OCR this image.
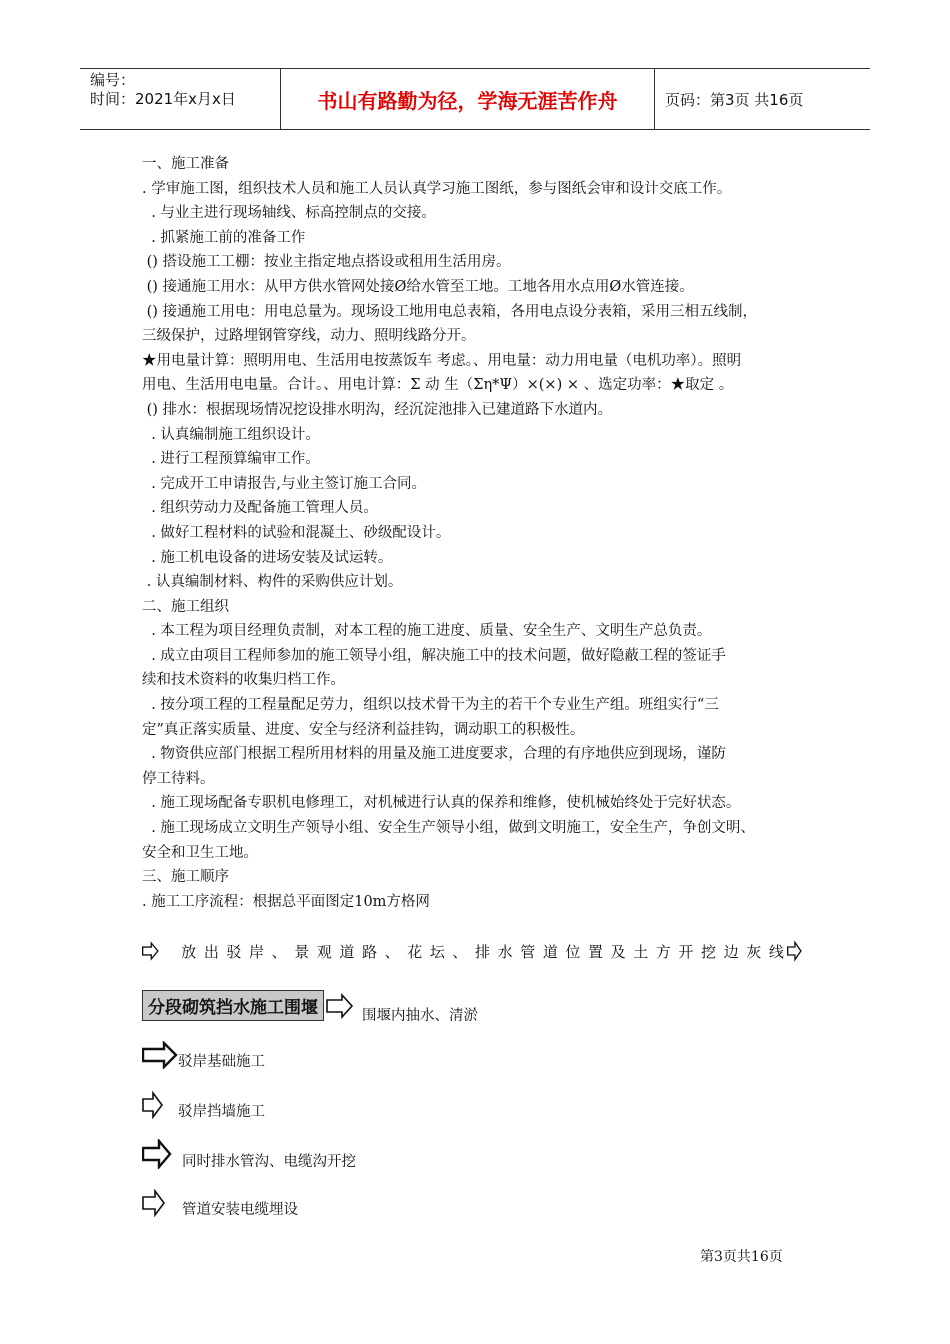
编号：
时间：2021年x月x日	书山有路勤为径，学海无涯苦作舟	页码：第3页 共16页
一、施工准备
. 学审施工图，组织技术人员和施工人员认真学习施工图纸，参与图纸会审和设计交底工作。
. 与业主进行现场轴线、标高控制点的交接。
. 抓紧施工前的准备工作
() 搭设施工工棚：按业主指定地点搭设或租用生活用房。
() 接通施工用水：从甲方供水管网处接Ø给水管至工地。工地各用水点用Ø水管连接。
() 接通施工用电：用电总量为。现场设工地用电总表箱，各用电点设分表箱，采用三相五线制，
三级保护，过路埋钢管穿线，动力、照明线路分开。
★用电量计算：照明用电、生活用电按蒸饭车 考虑。、用电量：动力用电量（电机功率）。照明
用电、生活用电电量。合计。、用电计算：Σ 动 生（Ση*Ψ）×(×) × 、选定功率：★取定 。
() 排水：根据现场情况挖设排水明沟，经沉淀池排入已建道路下水道内。
. 认真编制施工组织设计。
. 进行工程预算编审工作。
. 完成开工申请报告,与业主签订施工合同。
. 组织劳动力及配备施工管理人员。
. 做好工程材料的试验和混凝土、砂级配设计。
. 施工机电设备的进场安装及试运转。
. 认真编制材料、构件的采购供应计划。
二、施工组织
. 本工程为项目经理负责制，对本工程的施工进度、质量、安全生产、文明生产总负责。
. 成立由项目工程师参加的施工领导小组，解决施工中的技术问题，做好隐蔽工程的签证手
续和技术资料的收集归档工作。
. 按分项工程的工程量配足劳力，组织以技术骨干为主的若干个专业生产组。班组实行“三
定”真正落实质量、进度、安全与经济利益挂钩，调动职工的积极性。
. 物资供应部门根据工程所用材料的用量及施工进度要求，合理的有序地供应到现场，谨防
停工待料。
. 施工现场配备专职机电修理工，对机械进行认真的保养和维修，使机械始终处于完好状态。
. 施工现场成立文明生产领导小组、安全生产领导小组，做到文明施工，安全生产，争创文明、
安全和卫生工地。
三、施工顺序
. 施工工序流程：根据总平面图定10m方格网
放出驳岸、景观道路、花坛、排水管道位置及土方开挖边灰线
分段砌筑挡水施工围堰	围堰内抽水、清淤
驳岸基础施工
驳岸挡墙施工
同时排水管沟、电缆沟开挖
管道安装电缆埋设
第3页共16页
